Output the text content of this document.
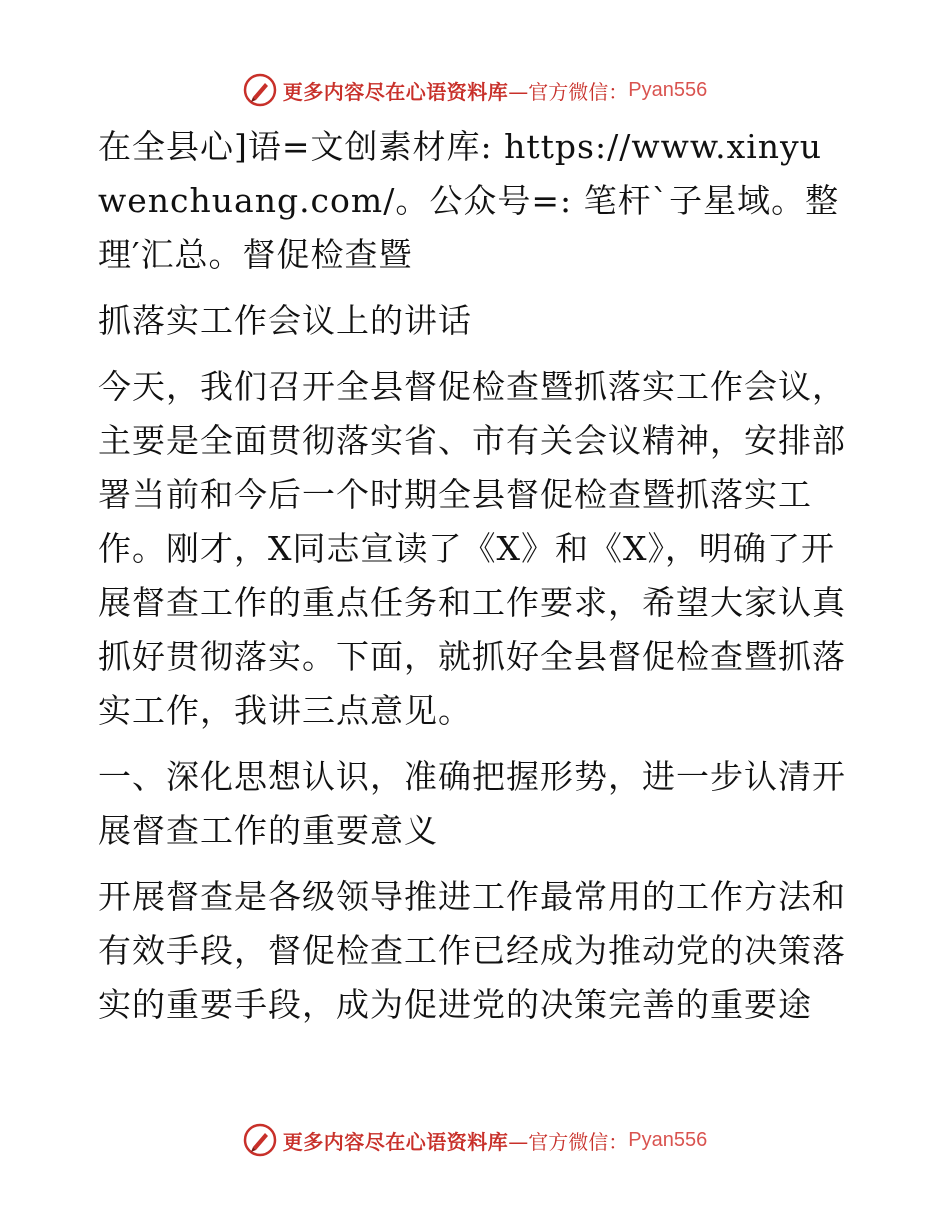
更多内容尽在心语资料库 —官方微信： Pyan556

在全县心]语=文创素材库: https://www.xinyuwenchuang.com/。公众号=: 笔杆`子星域。整理′汇总。督促检查暨

抓落实工作会议上的讲话

今天，我们召开全县督促检查暨抓落实工作会议，主要是全面贯彻落实省、市有关会议精神，安排部署当前和今后一个时期全县督促检查暨抓落实工作。刚才，X同志宣读了《X》和《X》，明确了开展督查工作的重点任务和工作要求，希望大家认真抓好贯彻落实。下面，就抓好全县督促检查暨抓落实工作，我讲三点意见。

一、深化思想认识，准确把握形势，进一步认清开展督查工作的重要意义

开展督查是各级领导推进工作最常用的工作方法和有效手段，督促检查工作已经成为推动党的决策落实的重要手段，成为促进党的决策完善的重要途

更多内容尽在心语资料库 —官方微信： Pyan556
